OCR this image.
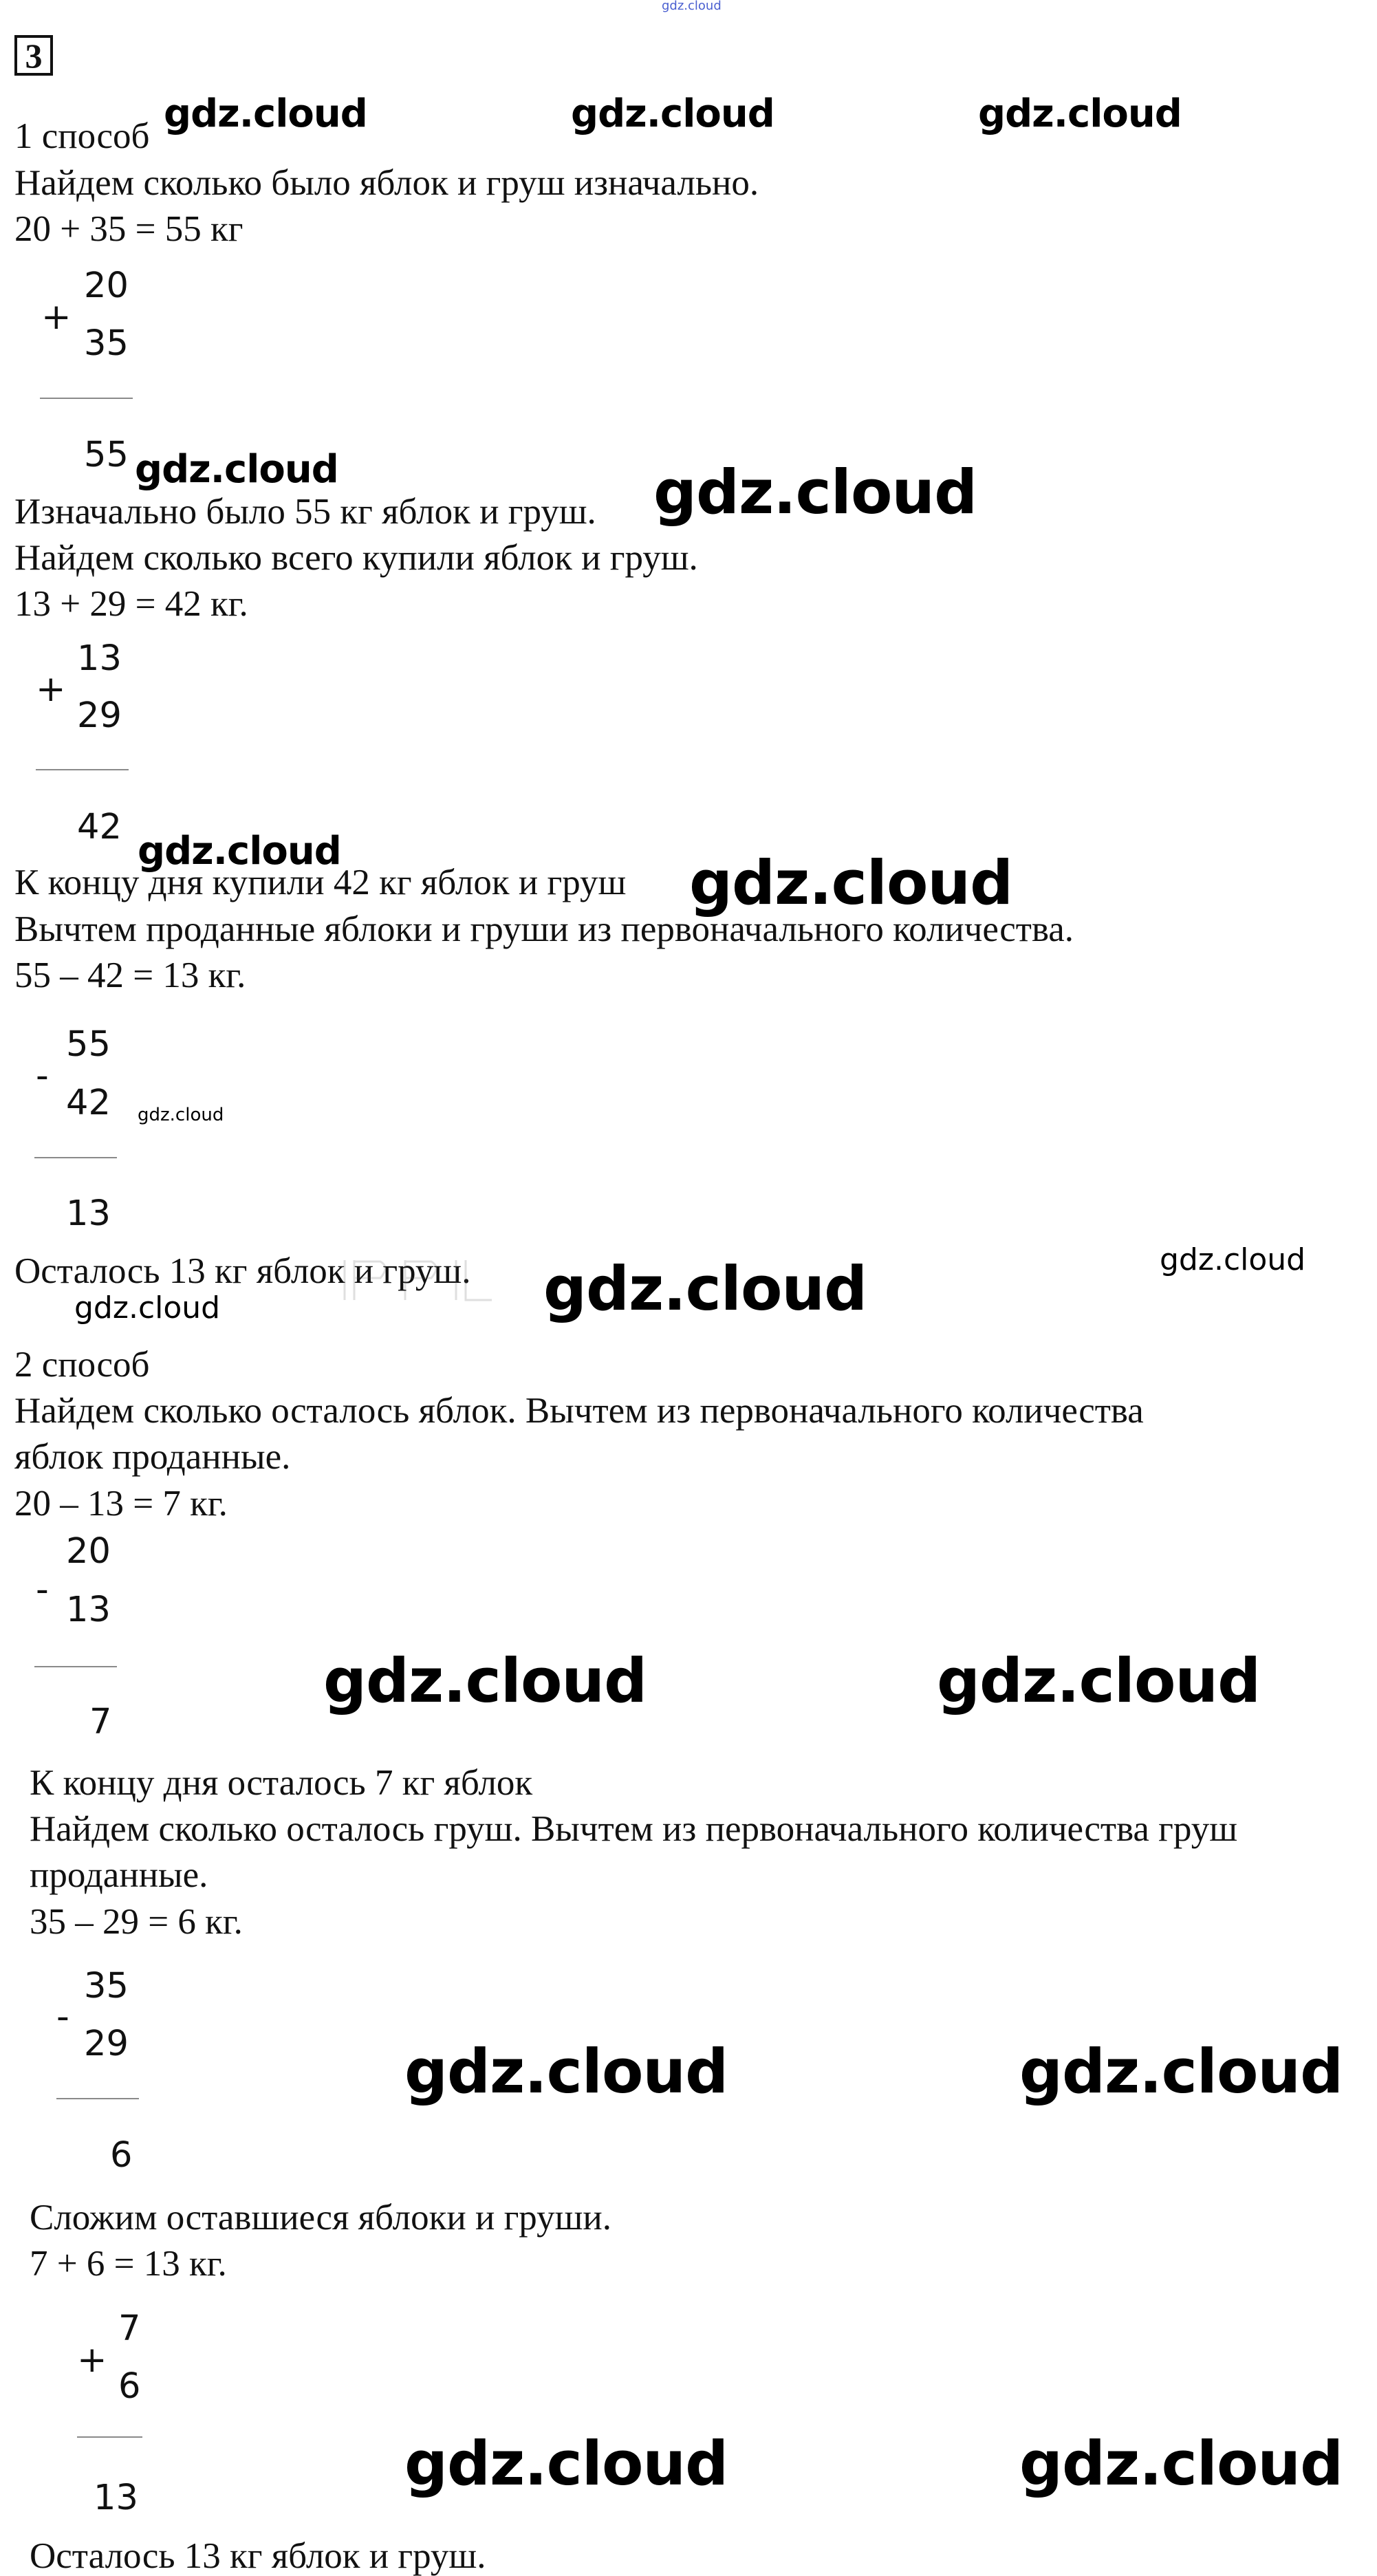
gdz.cloud
3
1 способ
Найдем сколько было яблок и груш изначально.
20 + 35 = 55 кг
+
20
35
55
Изначально было 55 кг яблок и груш.
Найдем сколько всего купили яблок и груш.
13 + 29 = 42 кг.
+
13
29
42
К концу дня купили 42 кг яблок и груш
Вычтем проданные яблоки и груши из первоначального количества.
55 – 42 = 13 кг.
-
55
42
13
Осталось 13 кг яблок и груш.
2 способ
Найдем сколько осталось яблок. Вычтем из первоначального количества
яблок проданные.
20 – 13 = 7 кг.
-
20
13
7
К концу дня осталось 7 кг яблок
Найдем сколько осталось груш. Вычтем из первоначального количества груш
проданные.
35 – 29 = 6 кг.
-
35
29
6
Сложим оставшиеся яблоки и груши.
7 + 6 = 13 кг.
+
7
6
13
Осталось 13 кг яблок и груш.
gdz.cloud	gdz.cloud	gdz.cloud
gdz.cloud	gdz.cloud
gdz.cloud	gdz.cloud
gdz.cloud
gdz.cloud	gdz.cloud
gdz.cloud
gdz.cloud	gdz.cloud
gdz.cloud	gdz.cloud
gdz.cloud	gdz.cloud
